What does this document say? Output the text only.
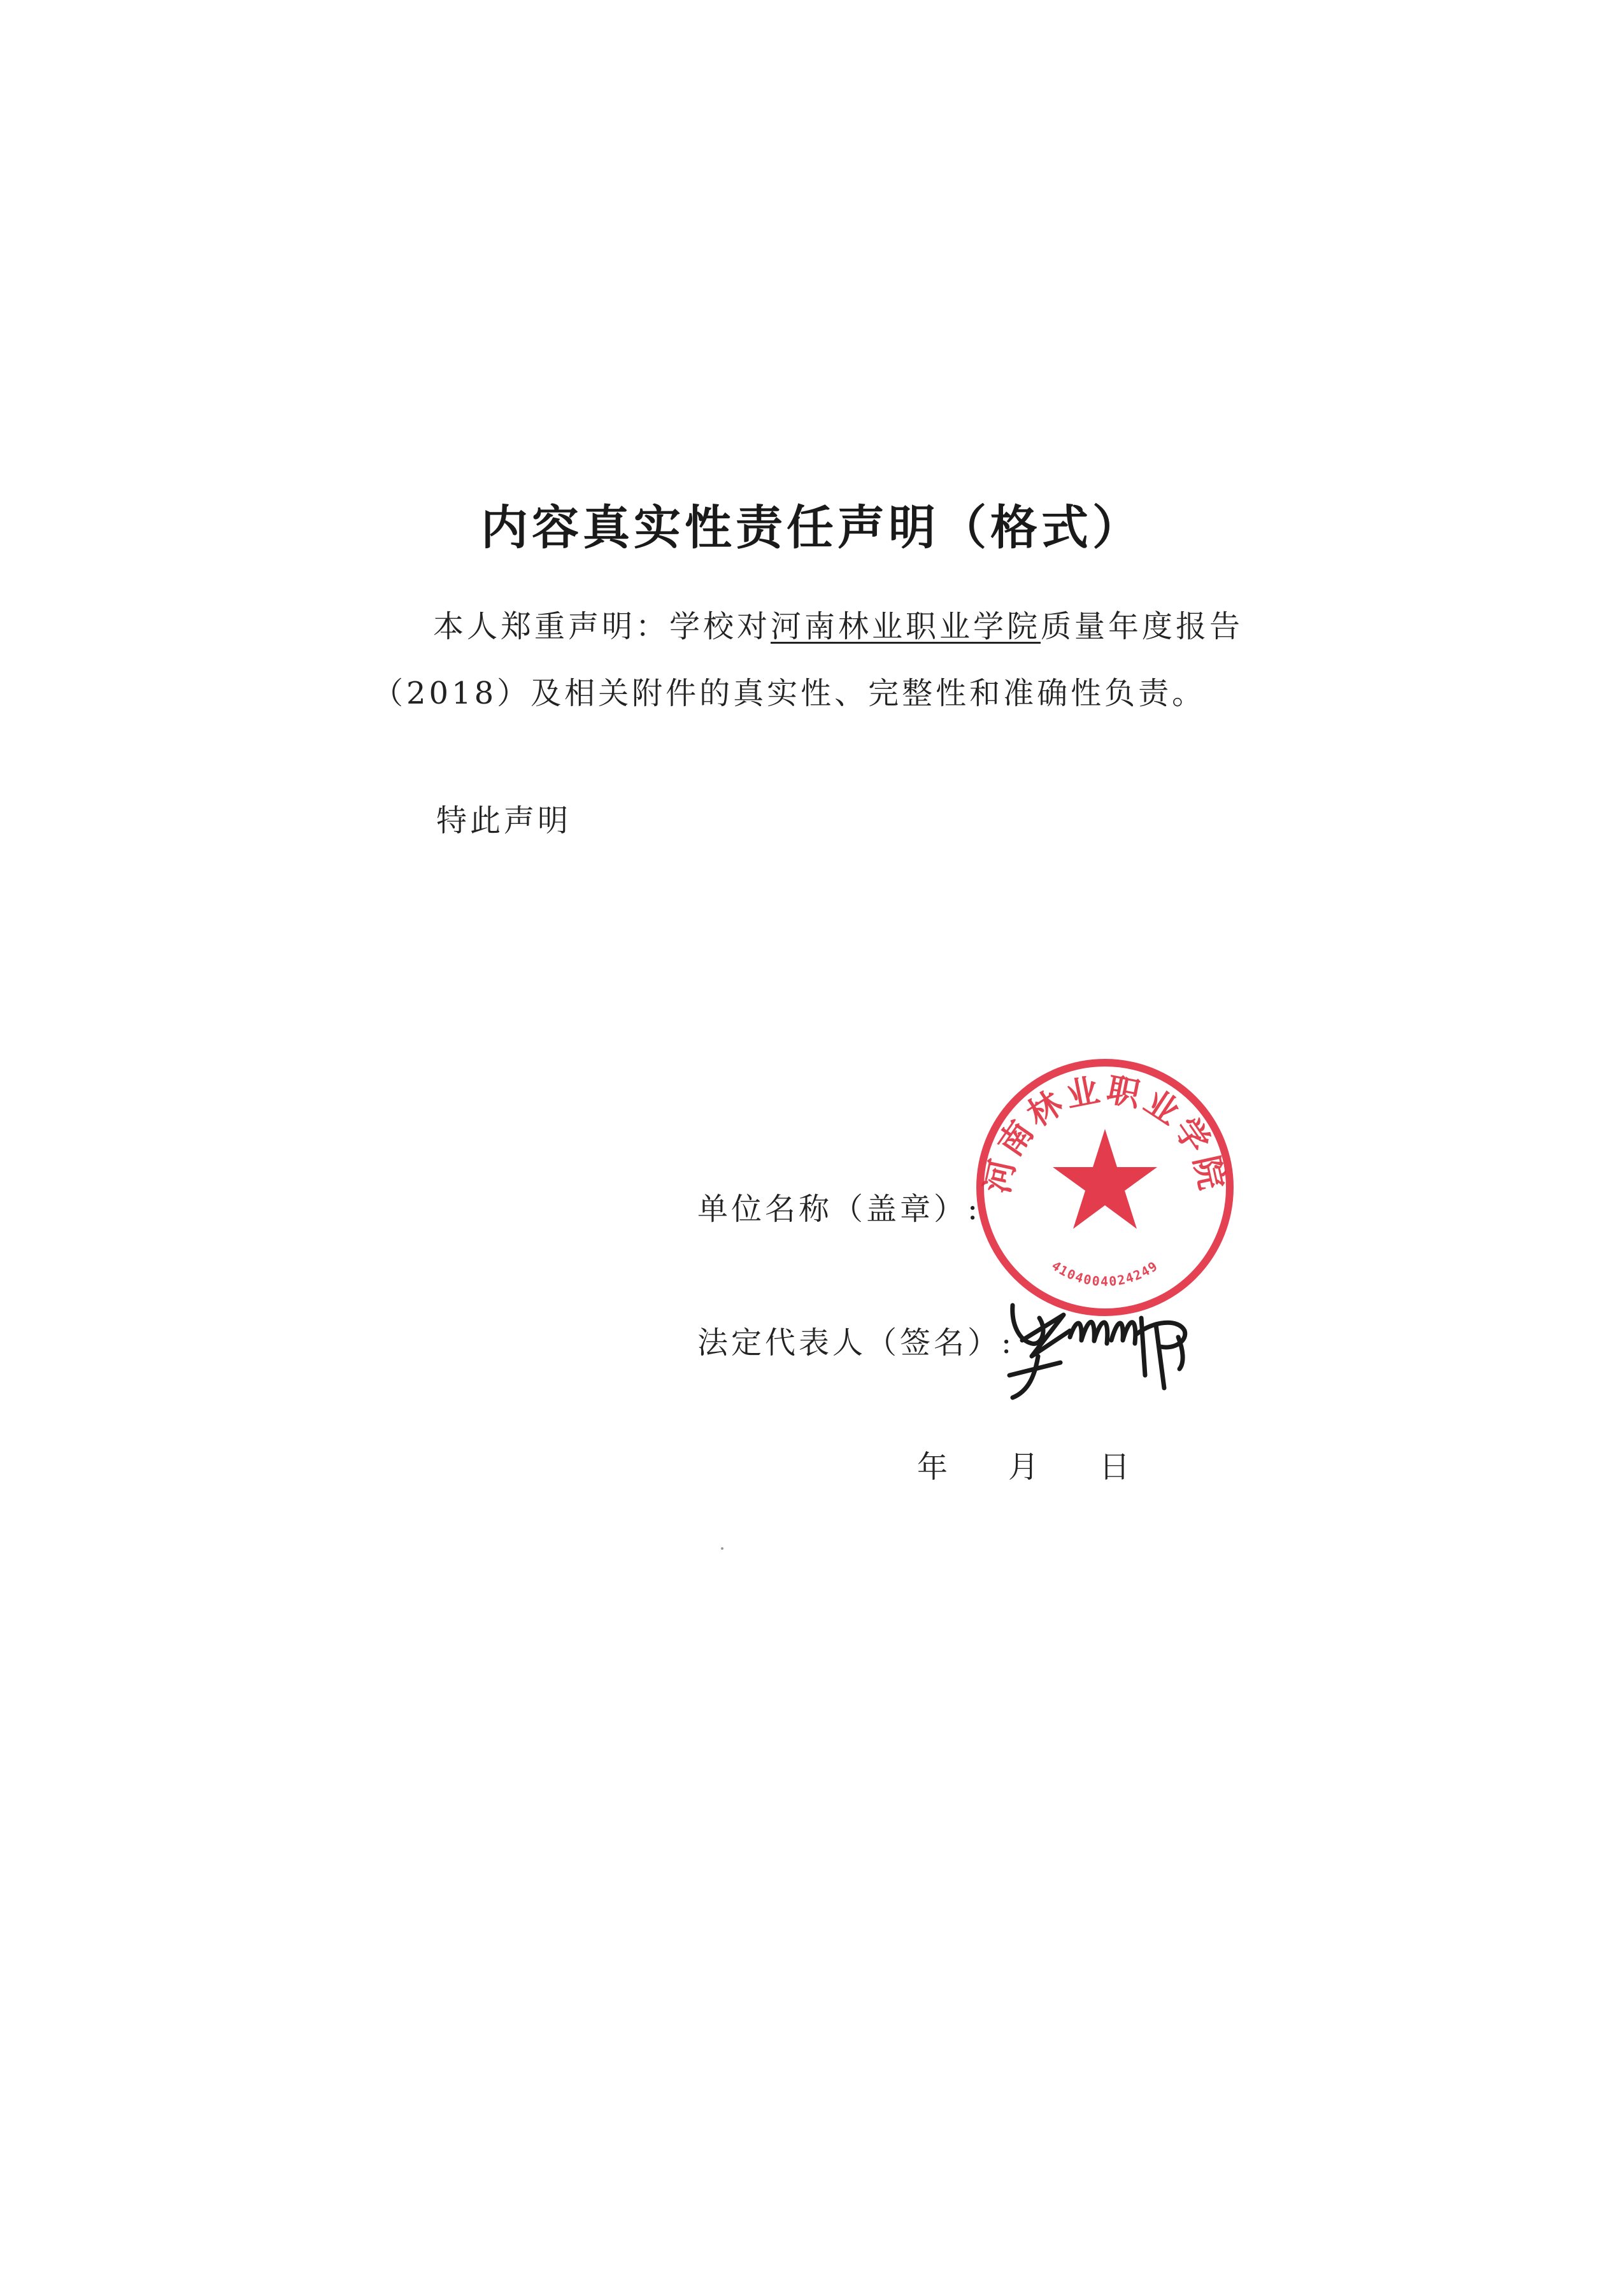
内容真实性责任声明（格式）
本人郑重声明：学校对河南林业职业学院质量年度报告
（2018）及相关附件的真实性、完整性和准确性负责。
特此声明
单位名称（盖章）:
法定代表人（签名）:
年 月 日
河南林业职业学院
4104004024249
